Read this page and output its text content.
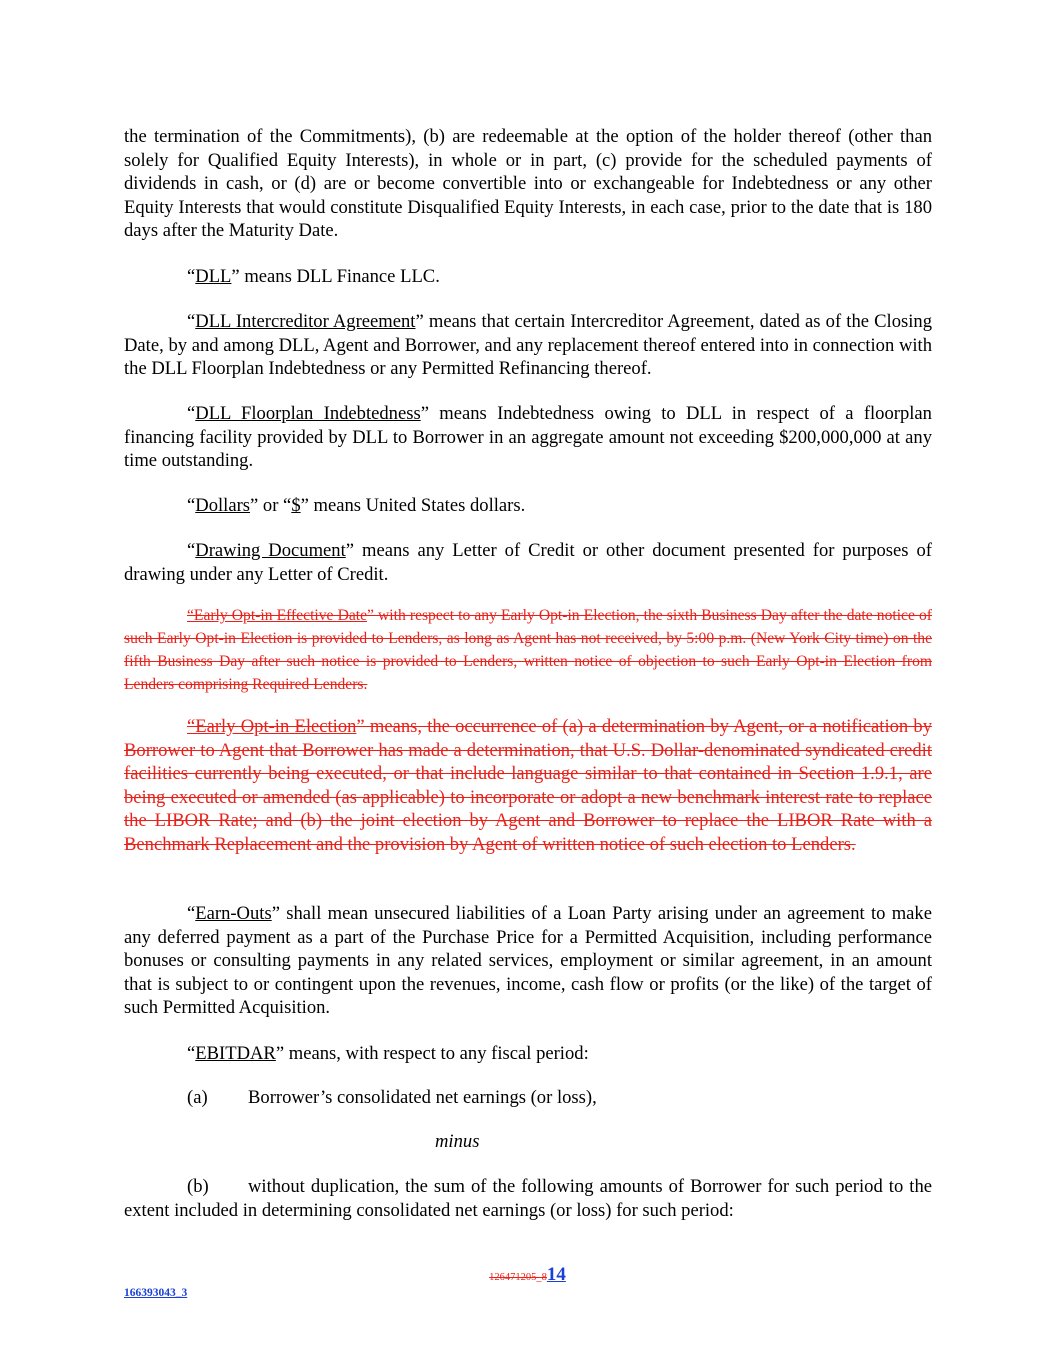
the termination of the Commitments), (b) are redeemable at the option of the holder thereof (other than solely for Qualified Equity Interests), in whole or in part, (c) provide for the scheduled payments of dividends in cash, or (d) are or become convertible into or exchangeable for Indebtedness or any other Equity Interests that would constitute Disqualified Equity Interests, in each case, prior to the date that is 180 days after the Maturity Date.

“DLL” means DLL Finance LLC.

“DLL Intercreditor Agreement” means that certain Intercreditor Agreement, dated as of the Closing Date, by and among DLL, Agent and Borrower, and any replacement thereof entered into in connection with the DLL Floorplan Indebtedness or any Permitted Refinancing thereof.

“DLL Floorplan Indebtedness” means Indebtedness owing to DLL in respect of a floorplan financing facility provided by DLL to Borrower in an aggregate amount not exceeding $200,000,000 at any time outstanding.

“Dollars” or “$” means United States dollars.

“Drawing Document” means any Letter of Credit or other document presented for purposes of drawing under any Letter of Credit.

“Early Opt-in Effective Date” with respect to any Early Opt-in Election, the sixth Business Day after the date notice of such Early Opt-in Election is provided to Lenders, as long as Agent has not received, by 5:00 p.m. (New York City time) on the fifth Business Day after such notice is provided to Lenders, written notice of objection to such Early Opt-in Election from Lenders comprising Required Lenders.

“Early Opt-in Election” means, the occurrence of (a) a determination by Agent, or a notification by Borrower to Agent that Borrower has made a determination, that U.S. Dollar-denominated syndicated credit facilities currently being executed, or that include language similar to that contained in Section 1.9.1, are being executed or amended (as applicable) to incorporate or adopt a new benchmark interest rate to replace the LIBOR Rate; and (b) the joint election by Agent and Borrower to replace the LIBOR Rate with a Benchmark Replacement and the provision by Agent of written notice of such election to Lenders.

“Earn-Outs” shall mean unsecured liabilities of a Loan Party arising under an agreement to make any deferred payment as a part of the Purchase Price for a Permitted Acquisition, including performance bonuses or consulting payments in any related services, employment or similar agreement, in an amount that is subject to or contingent upon the revenues, income, cash flow or profits (or the like) of the target of such Permitted Acquisition.

“EBITDAR” means, with respect to any fiscal period:

(a) Borrower’s consolidated net earnings (or loss),
minus

(b) without duplication, the sum of the following amounts of Borrower for such period to the extent included in determining consolidated net earnings (or loss) for such period:

126471205_814
166393043_3
